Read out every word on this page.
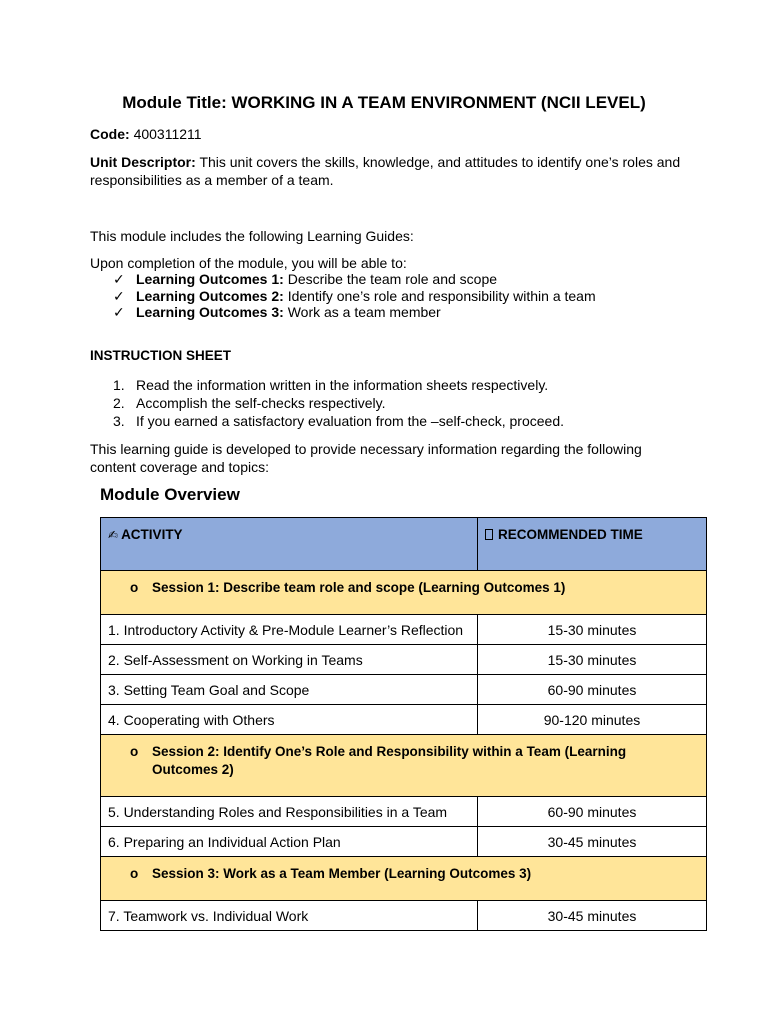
Module Title: WORKING IN A TEAM ENVIRONMENT (NCII LEVEL)
Code: 400311211
Unit Descriptor: This unit covers the skills, knowledge, and attitudes to identify one’s roles and responsibilities as a member of a team.
This module includes the following Learning Guides:
Upon completion of the module, you will be able to:
✓ Learning Outcomes 1: Describe the team role and scope
✓ Learning Outcomes 2: Identify one’s role and responsibility within a team
✓ Learning Outcomes 3: Work as a team member
INSTRUCTION SHEET
1. Read the information written in the information sheets respectively.
2. Accomplish the self-checks respectively.
3. If you earned a satisfactory evaluation from the –self-check, proceed.
This learning guide is developed to provide necessary information regarding the following content coverage and topics:
Module Overview
✍ ACTIVITY	RECOMMENDED TIME

o Session 1: Describe team role and scope (Learning Outcomes 1)	

1. Introductory Activity & Pre-Module Learner’s Reflection	15-30 minutes
2. Self-Assessment on Working in Teams	15-30 minutes
3. Setting Team Goal and Scope	60-90 minutes
4. Cooperating with Others	90-120 minutes

o Session 2: Identify One’s Role and Responsibility within a Team (Learning Outcomes 2)	

5. Understanding Roles and Responsibilities in a Team	60-90 minutes
6. Preparing an Individual Action Plan	30-45 minutes

o Session 3: Work as a Team Member (Learning Outcomes 3)	

7. Teamwork vs. Individual Work	30-45 minutes
